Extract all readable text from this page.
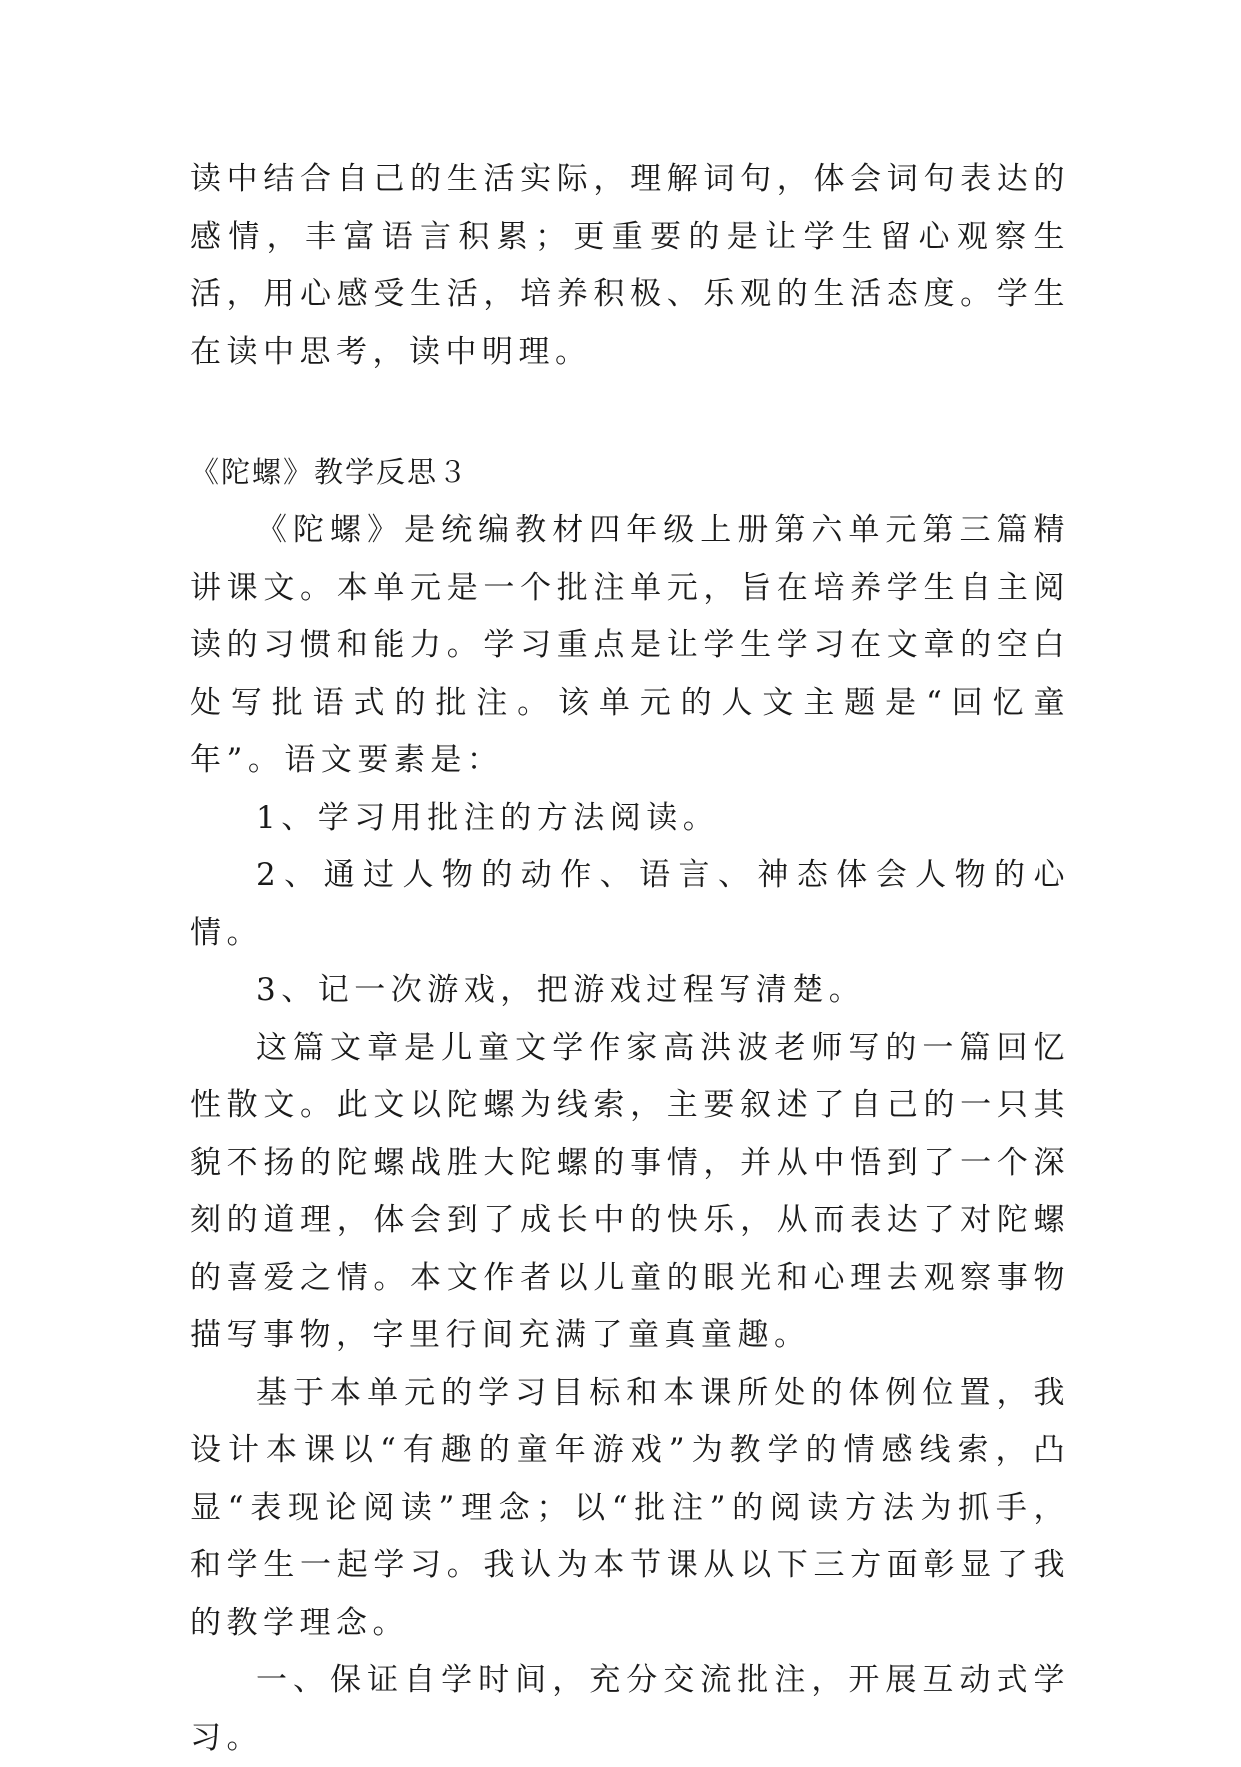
读中结合自己的生活实际，理解词句，体会词句表达的感情，丰富语言积累；更重要的是让学生留心观察生活，用心感受生活，培养积极、乐观的生活态度。学生在读中思考，读中明理。

《陀螺》教学反思３

《陀螺》是统编教材四年级上册第六单元第三篇精讲课文。本单元是一个批注单元，旨在培养学生自主阅读的习惯和能力。学习重点是让学生学习在文章的空白处写批语式的批注。该单元的人文主题是“回忆童年”。语文要素是：

1、学习用批注的方法阅读。

2、通过人物的动作、语言、神态体会人物的心情。

3、记一次游戏，把游戏过程写清楚。

这篇文章是儿童文学作家高洪波老师写的一篇回忆性散文。此文以陀螺为线索，主要叙述了自己的一只其貌不扬的陀螺战胜大陀螺的事情，并从中悟到了一个深刻的道理，体会到了成长中的快乐，从而表达了对陀螺的喜爱之情。本文作者以儿童的眼光和心理去观察事物描写事物，字里行间充满了童真童趣。

基于本单元的学习目标和本课所处的体例位置，我设计本课以“有趣的童年游戏”为教学的情感线索，凸显“表现论阅读”理念；以“批注”的阅读方法为抓手，和学生一起学习。我认为本节课从以下三方面彰显了我的教学理念。

一、保证自学时间，充分交流批注，开展互动式学习。
